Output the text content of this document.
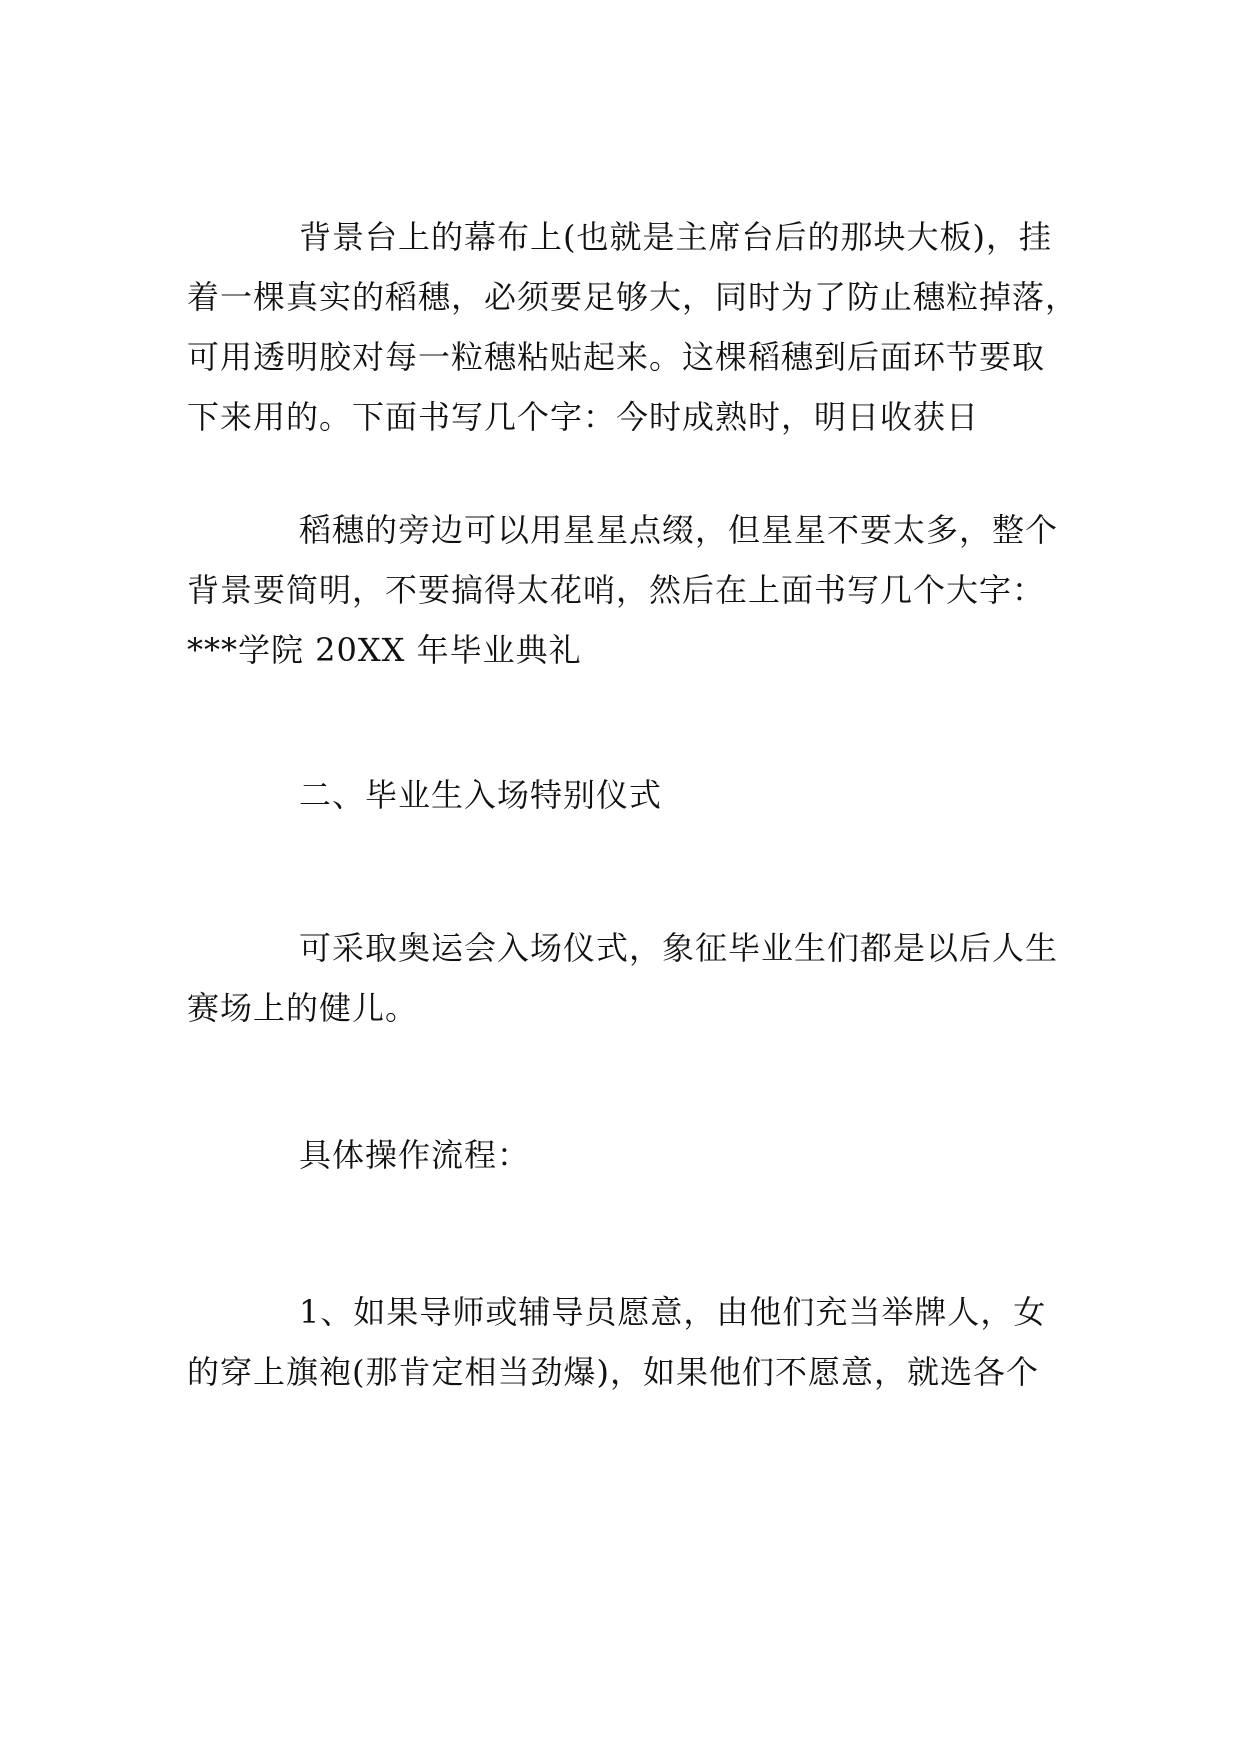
背景台上的幕布上(也就是主席台后的那块大板)，挂
着一棵真实的稻穗，必须要足够大，同时为了防止穗粒掉落，
可用透明胶对每一粒穗粘贴起来。这棵稻穗到后面环节要取
下来用的。下面书写几个字：今时成熟时，明日收获日
稻穗的旁边可以用星星点缀，但星星不要太多，整个
背景要简明，不要搞得太花哨，然后在上面书写几个大字：
***学院 20XX 年毕业典礼
二、毕业生入场特别仪式
可采取奥运会入场仪式，象征毕业生们都是以后人生
赛场上的健儿。
具体操作流程：
1、如果导师或辅导员愿意，由他们充当举牌人，女
的穿上旗袍(那肯定相当劲爆)，如果他们不愿意，就选各个
